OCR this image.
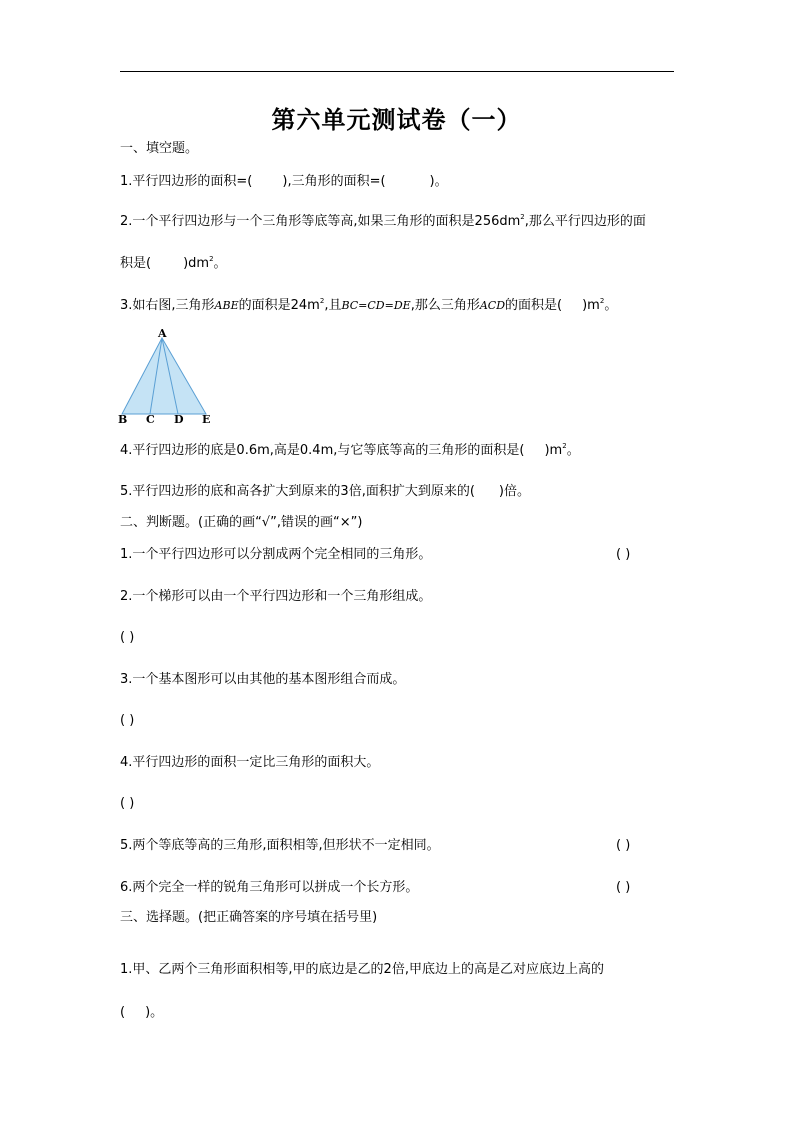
第六单元测试卷（一）
一、填空题。
1.平行四边形的面积=( ),三角形的面积=(	)。
2.一个平行四边形与一个三角形等底等高,如果三角形的面积是$256dm^2$,那么平行四边形的面
积是( )$dm^2$。
3.如右图,三角形ABE的面积是$24m^2$,且BC=CD=DE,那么三角形ACD的面积是( )$m^2$。
A
B C D E
4.平行四边形的底是0.6m,高是0.4m,与它等底等高的三角形的面积是( )$m^2$。
5.平行四边形的底和高各扩大到原来的3倍,面积扩大到原来的( )倍。
二、判断题。(正确的画“√”,错误的画“×”)
1.一个平行四边形可以分割成两个完全相同的三角形。	( )
2.一个梯形可以由一个平行四边形和一个三角形组成。
( )
3.一个基本图形可以由其他的基本图形组合而成。
( )
4.平行四边形的面积一定比三角形的面积大。
( )
5.两个等底等高的三角形,面积相等,但形状不一定相同。	( )
6.两个完全一样的锐角三角形可以拼成一个长方形。	( )
三、选择题。(把正确答案的序号填在括号里)
1.甲、乙两个三角形面积相等,甲的底边是乙的2倍,甲底边上的高是乙对应底边上高的
( )。
